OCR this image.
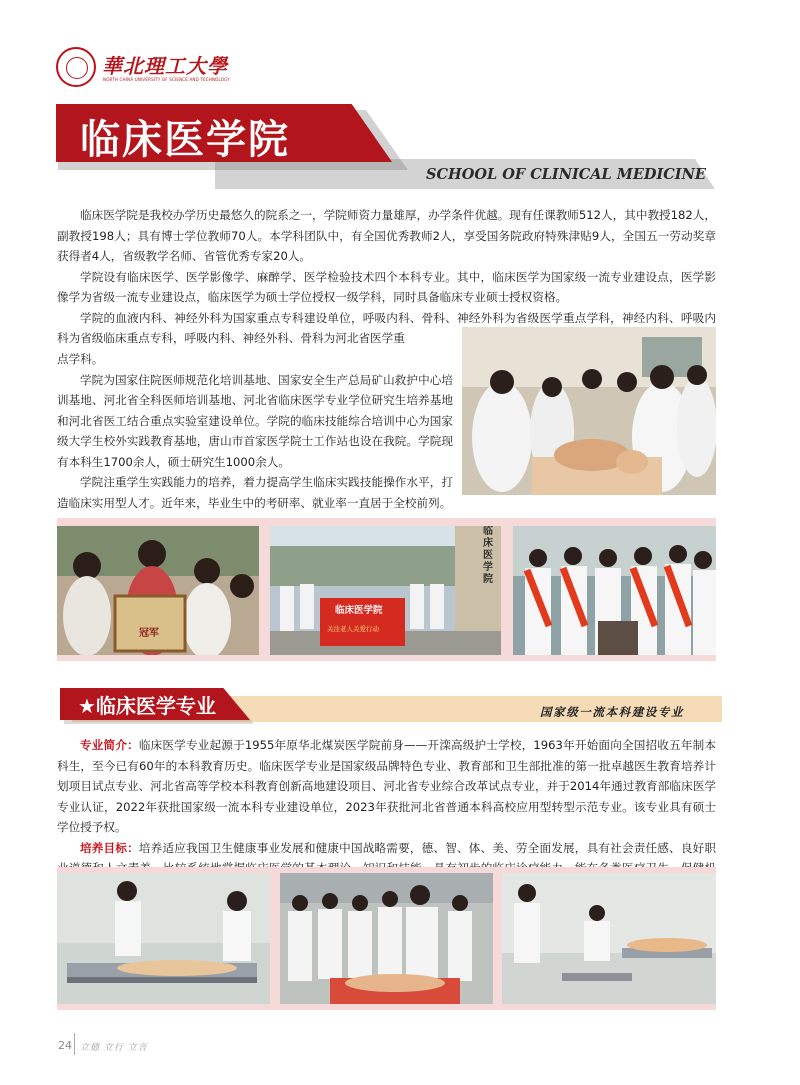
華北理工大學
NORTH CHINA UNIVERSITY OF SCIENCE AND TECHNOLOGY
临床医学院
SCHOOL OF CLINICAL MEDICINE

临床医学院是我校办学历史最悠久的院系之一，学院师资力量雄厚，办学条件优越。现有任课教师512人，其中教授182人，副教授198人；具有博士学位教师70人。本学科团队中，有全国优秀教师2人，享受国务院政府特殊津贴9人，全国五一劳动奖章获得者4人，省级教学名师、省管优秀专家20人。

学院设有临床医学、医学影像学、麻醉学、医学检验技术四个本科专业。其中，临床医学为国家级一流专业建设点，医学影像学为省级一流专业建设点，临床医学为硕士学位授权一级学科，同时具备临床专业硕士授权资格。

学院的血液内科、神经外科为国家重点专科建设单位，呼吸内科、骨科、神经外科为省级医学重点学科，神经内科、呼吸内科为省级临床重点专科，呼吸内科、神经外科、骨科为河北省医学重

点学科。

学院为国家住院医师规范化培训基地、国家安全生产总局矿山救护中心培训基地、河北省全科医师培训基地、河北省临床医学专业学位研究生培养基地和河北省医工结合重点实验室建设单位。学院的临床技能综合培训中心为国家级大学生校外实践教育基地，唐山市首家医学院士工作站也设在我院。学院现有本科生1700余人，硕士研究生1000余人。

学院注重学生实践能力的培养，着力提高学生临床实践技能操作水平，打造临床实用型人才。近年来，毕业生中的考研率、就业率一直居于全校前列。

冠军
临床医学院
关注老人关爱行动
临床医学院
★临床医学专业	国家级一流本科建设专业

专业简介：临床医学专业起源于1955年原华北煤炭医学院前身——开滦高级护士学校，1963年开始面向全国招收五年制本科生，至今已有60年的本科教育历史。临床医学专业是国家级品牌特色专业、教育部和卫生部批准的第一批卓越医生教育培养计划项目试点专业、河北省高等学校本科教育创新高地建设项目、河北省专业综合改革试点专业，并于2014年通过教育部临床医学专业认证，2022年获批国家级一流本科专业建设单位，2023年获批河北省普通本科高校应用型转型示范专业。该专业具有硕士学位授予权。

培养目标：培养适应我国卫生健康事业发展和健康中国战略需要，德、智、体、美、劳全面发展，具有社会责任感、良好职

24 立德 立行 立言
